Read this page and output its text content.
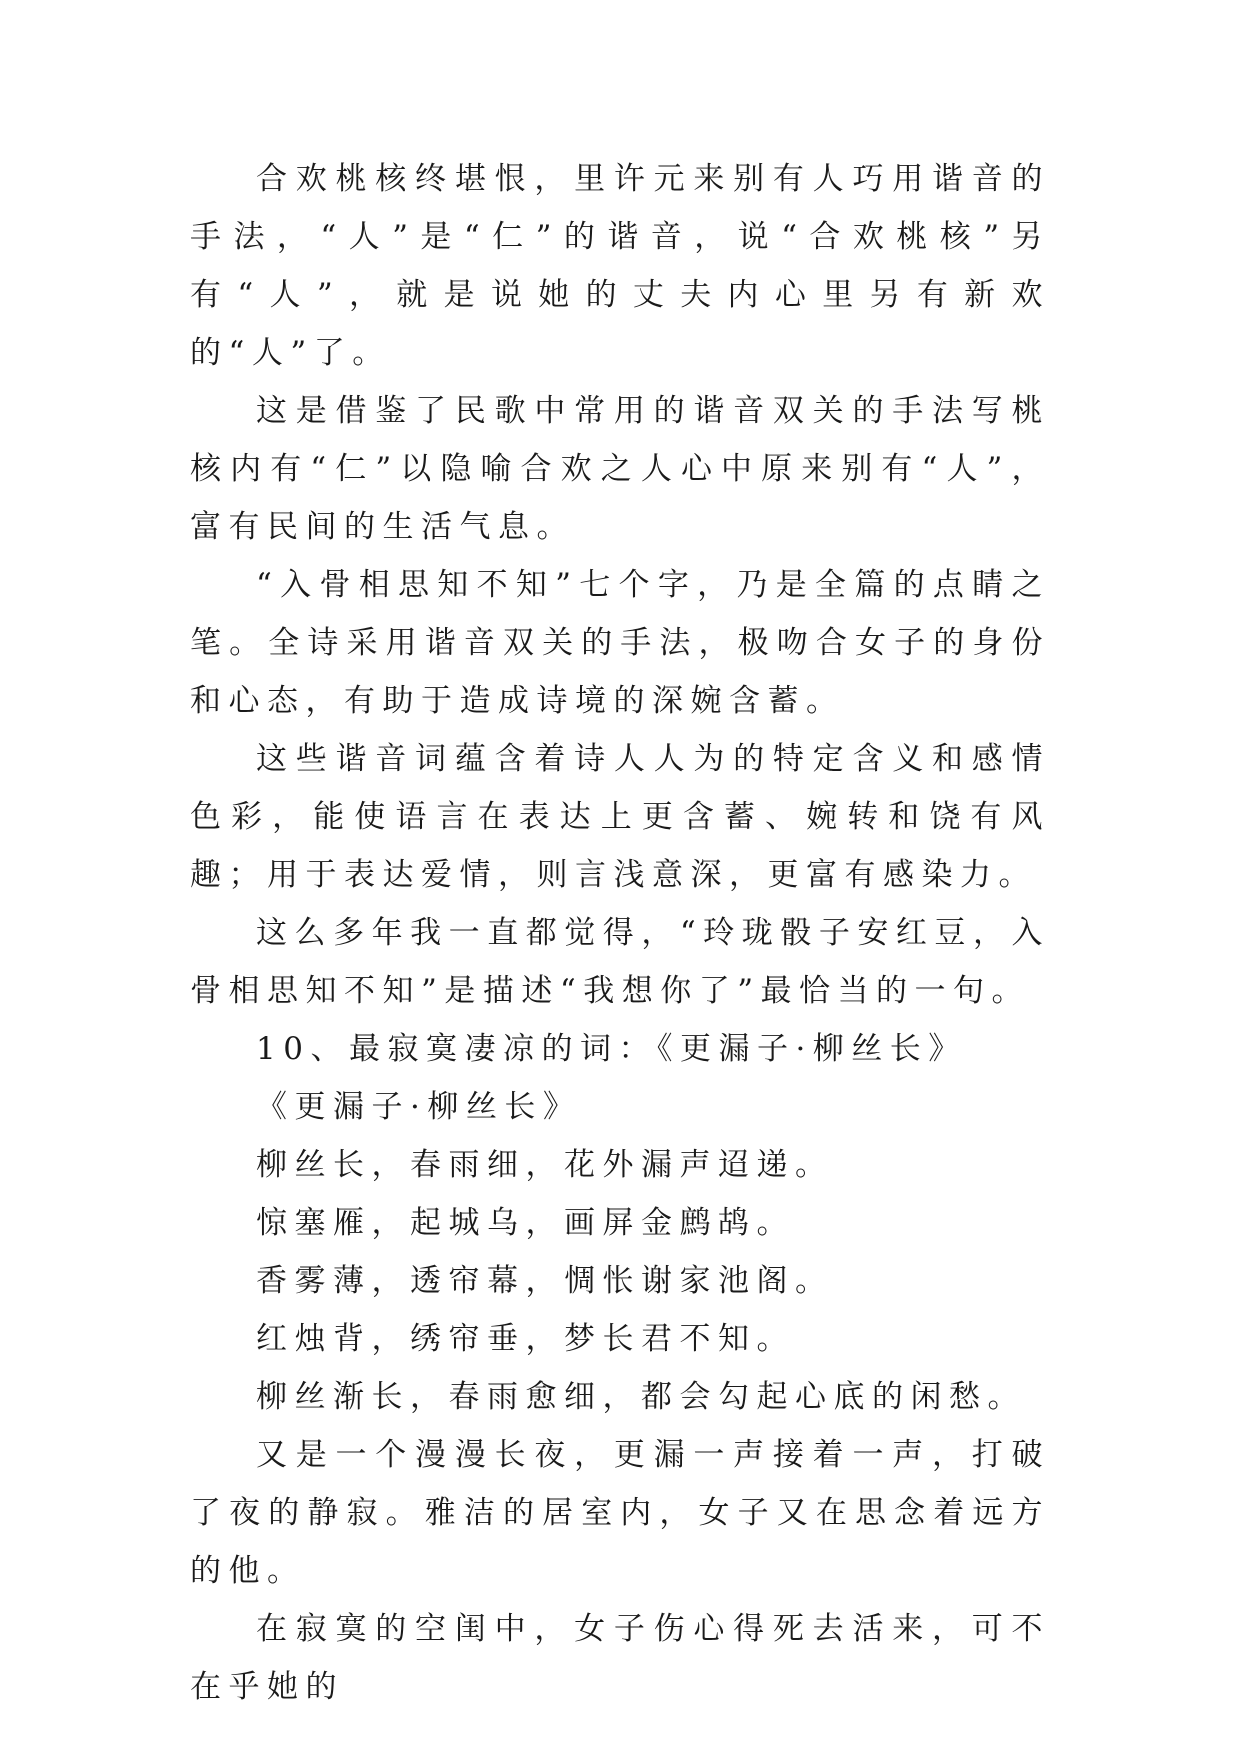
合欢桃核终堪恨，里许元来别有人巧用谐音的手法，“人”是“仁”的谐音，说“合欢桃核”另有“人”，就是说她的丈夫内心里另有新欢的“人”了。

这是借鉴了民歌中常用的谐音双关的手法写桃核内有“仁”以隐喻合欢之人心中原来别有“人”，富有民间的生活气息。

“入骨相思知不知”七个字，乃是全篇的点睛之笔。全诗采用谐音双关的手法，极吻合女子的身份和心态，有助于造成诗境的深婉含蓄。

这些谐音词蕴含着诗人人为的特定含义和感情色彩，能使语言在表达上更含蓄、婉转和饶有风趣；用于表达爱情，则言浅意深，更富有感染力。

这么多年我一直都觉得，“玲珑骰子安红豆，入骨相思知不知”是描述“我想你了”最恰当的一句。

10、最寂寞凄凉的词：《更漏子·柳丝长》

《更漏子·柳丝长》

柳丝长，春雨细，花外漏声迢递。

惊塞雁，起城乌，画屏金鹧鸪。

香雾薄，透帘幕，惆怅谢家池阁。

红烛背，绣帘垂，梦长君不知。

柳丝渐长，春雨愈细，都会勾起心底的闲愁。

又是一个漫漫长夜，更漏一声接着一声，打破了夜的静寂。雅洁的居室内，女子又在思念着远方的他。

在寂寞的空闺中，女子伤心得死去活来，可不在乎她的
